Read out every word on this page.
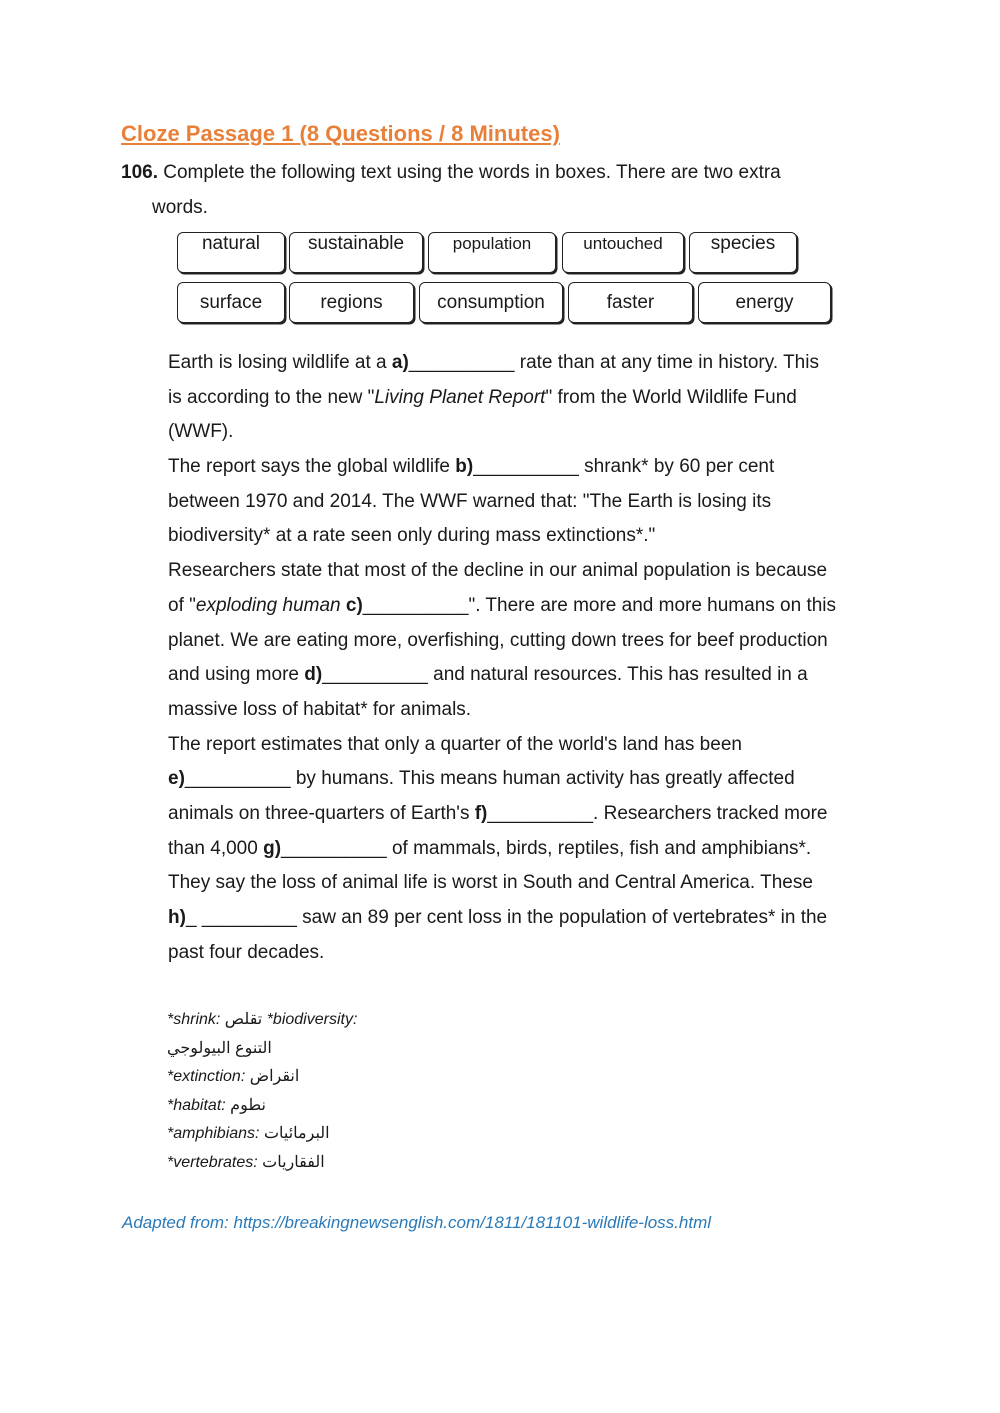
Cloze Passage 1 (8 Questions / 8 Minutes)
106. Complete the following text using the words in boxes. There are two extra
words.
natural	sustainable	population	untouched	species
surface	regions	consumption	faster	energy
Earth is losing wildlife at a a)__________ rate than at any time in history. This
is according to the new "Living Planet Report" from the World Wildlife Fund
(WWF).
The report says the global wildlife b)__________ shrank* by 60 per cent
between 1970 and 2014. The WWF warned that: "The Earth is losing its
biodiversity* at a rate seen only during mass extinctions*."
Researchers state that most of the decline in our animal population is because
of "exploding human c)__________". There are more and more humans on this
planet. We are eating more, overfishing, cutting down trees for beef production
and using more d)__________ and natural resources. This has resulted in a
massive loss of habitat* for animals.
The report estimates that only a quarter of the world's land has been
e)__________ by humans. This means human activity has greatly affected
animals on three-quarters of Earth's f)__________. Researchers tracked more
than 4,000 g)__________ of mammals, birds, reptiles, fish and amphibians*.
They say the loss of animal life is worst in South and Central America. These
h)_ _________ saw an 89 per cent loss in the population of vertebrates* in the
past four decades.
*shrink: تقلص *biodiversity:
التنوع البيولوجي
*extinction: انقراض
*habitat: نطوم
*amphibians: البرمائيات
*vertebrates: الفقاريات
Adapted from: https://breakingnewsenglish.com/1811/181101-wildlife-loss.html
